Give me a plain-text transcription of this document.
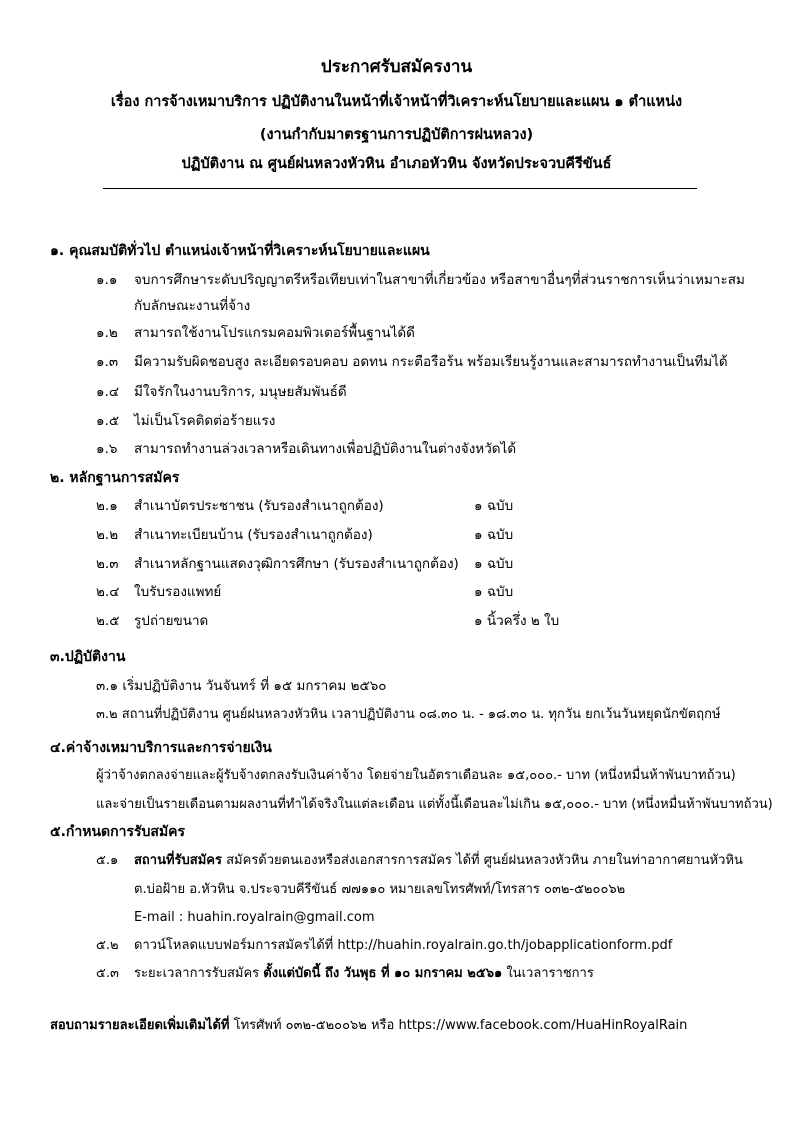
ประกาศรับสมัครงาน
เรื่อง การจ้างเหมาบริการ ปฏิบัติงานในหน้าที่เจ้าหน้าที่วิเคราะห์นโยบายและแผน ๑ ตำแหน่ง
(งานกำกับมาตรฐานการปฏิบัติการฝนหลวง)
ปฏิบัติงาน ณ ศูนย์ฝนหลวงหัวหิน อำเภอหัวหิน จังหวัดประจวบคีรีขันธ์
๑. คุณสมบัติทั่วไป ตำแหน่งเจ้าหน้าที่วิเคราะห์นโยบายและแผน
๑.๑ จบการศึกษาระดับปริญญาตรีหรือเทียบเท่าในสาขาที่เกี่ยวข้อง หรือสาขาอื่นๆที่ส่วนราชการเห็นว่าเหมาะสม
กับลักษณะงานที่จ้าง
๑.๒ สามารถใช้งานโปรแกรมคอมพิวเตอร์พื้นฐานได้ดี
๑.๓ มีความรับผิดชอบสูง ละเอียดรอบคอบ อดทน กระตือรือร้น พร้อมเรียนรู้งานและสามารถทำงานเป็นทีมได้
๑.๔ มีใจรักในงานบริการ, มนุษยสัมพันธ์ดี
๑.๕ ไม่เป็นโรคติดต่อร้ายแรง
๑.๖ สามารถทำงานล่วงเวลาหรือเดินทางเพื่อปฏิบัติงานในต่างจังหวัดได้
๒. หลักฐานการสมัคร
๒.๑ สำเนาบัตรประชาชน (รับรองสำเนาถูกต้อง)	๑ ฉบับ
๒.๒ สำเนาทะเบียนบ้าน (รับรองสำเนาถูกต้อง)	๑ ฉบับ
๒.๓ สำเนาหลักฐานแสดงวุฒิการศึกษา (รับรองสำเนาถูกต้อง) ๑ ฉบับ
๒.๔ ใบรับรองแพทย์	๑ ฉบับ
๒.๕ รูปถ่ายขนาด	๑ นิ้วครึ่ง ๒ ใบ
๓.ปฏิบัติงาน
๓.๑ เริ่มปฏิบัติงาน วันจันทร์ ที่ ๑๕ มกราคม ๒๕๖๐
๓.๒ สถานที่ปฏิบัติงาน ศูนย์ฝนหลวงหัวหิน เวลาปฏิบัติงาน ๐๘.๓๐ น. - ๑๘.๓๐ น. ทุกวัน ยกเว้นวันหยุดนักขัตฤกษ์
๔.ค่าจ้างเหมาบริการและการจ่ายเงิน
ผู้ว่าจ้างตกลงจ่ายและผู้รับจ้างตกลงรับเงินค่าจ้าง โดยจ่ายในอัตราเดือนละ ๑๕,๐๐๐.- บาท (หนึ่งหมื่นห้าพันบาทถ้วน)
และจ่ายเป็นรายเดือนตามผลงานที่ทำได้จริงในแต่ละเดือน แต่ทั้งนี้เดือนละไม่เกิน ๑๕,๐๐๐.- บาท (หนึ่งหมื่นห้าพันบาทถ้วน)
๕.กำหนดการรับสมัคร
๕.๑ สถานที่รับสมัคร สมัครด้วยตนเองหรือส่งเอกสารการสมัคร ได้ที่ ศูนย์ฝนหลวงหัวหิน ภายในท่าอากาศยานหัวหิน
ต.บ่อฝ้าย อ.หัวหิน จ.ประจวบคีรีขันธ์ ๗๗๑๑๐ หมายเลขโทรศัพท์/โทรสาร ๐๓๒-๕๒๐๐๖๒
E-mail : huahin.royalrain@gmail.com
๕.๒ ดาวน์โหลดแบบฟอร์มการสมัครได้ที่ http://huahin.royalrain.go.th/jobapplicationform.pdf
๕.๓ ระยะเวลาการรับสมัคร ตั้งแต่บัดนี้ ถึง วันพุธ ที่ ๑๐ มกราคม ๒๕๖๑ ในเวลาราชการ
สอบถามรายละเอียดเพิ่มเติมได้ที่ โทรศัพท์ ๐๓๒-๕๒๐๐๖๒ หรือ https://www.facebook.com/HuaHinRoyalRain
